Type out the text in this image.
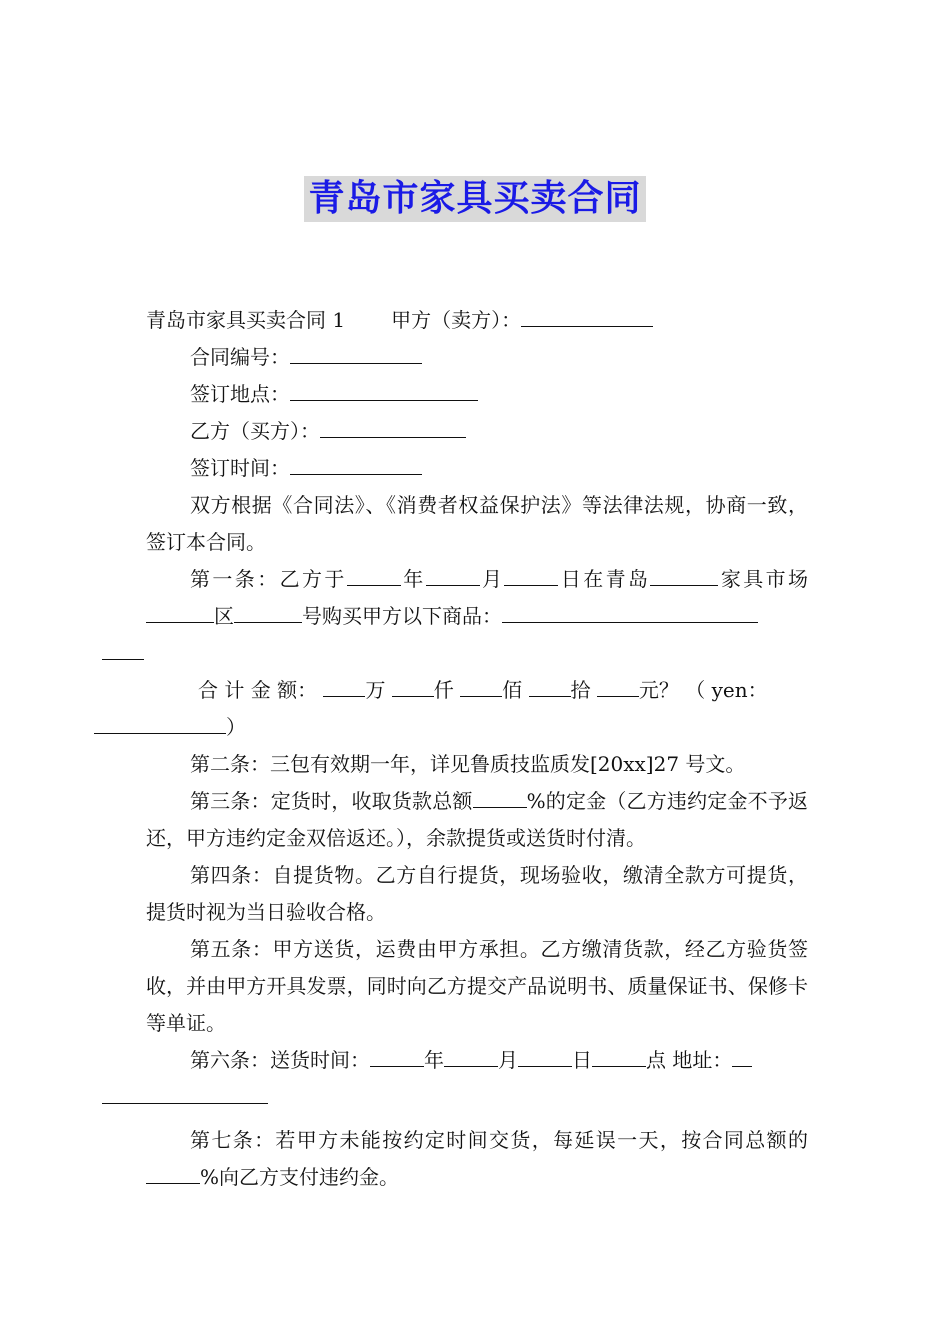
青岛市家具买卖合同

青岛市家具买卖合同 1 甲方（卖方）：

合同编号：

签订地点：

乙方（买方）：

签订时间：

双方根据《合同法》、《消费者权益保护法》等法律法规，协商一致，签订本合同。

第一条：乙方于	年	月	日在青岛	家具市场区	号购买甲方以下商品：

合 计 金 额： 万 仟 佰 拾 元？ （ yen：
）

第二条：三包有效期一年，详见鲁质技监质发[20xx]27 号文。

第三条：定货时，收取货款总额	%的定金（乙方违约定金不予返还，甲方违约定金双倍返还。），余款提货或送货时付清。

第四条：自提货物。乙方自行提货，现场验收，缴清全款方可提货，提货时视为当日验收合格。

第五条：甲方送货，运费由甲方承担。乙方缴清货款，经乙方验货签收，并由甲方开具发票，同时向乙方提交产品说明书、质量保证书、保修卡等单证。

第六条：送货时间：	年	月	日	点 地址：

第七条：若甲方未能按约定时间交货，每延误一天，按合同总额的%向乙方支付违约金。
